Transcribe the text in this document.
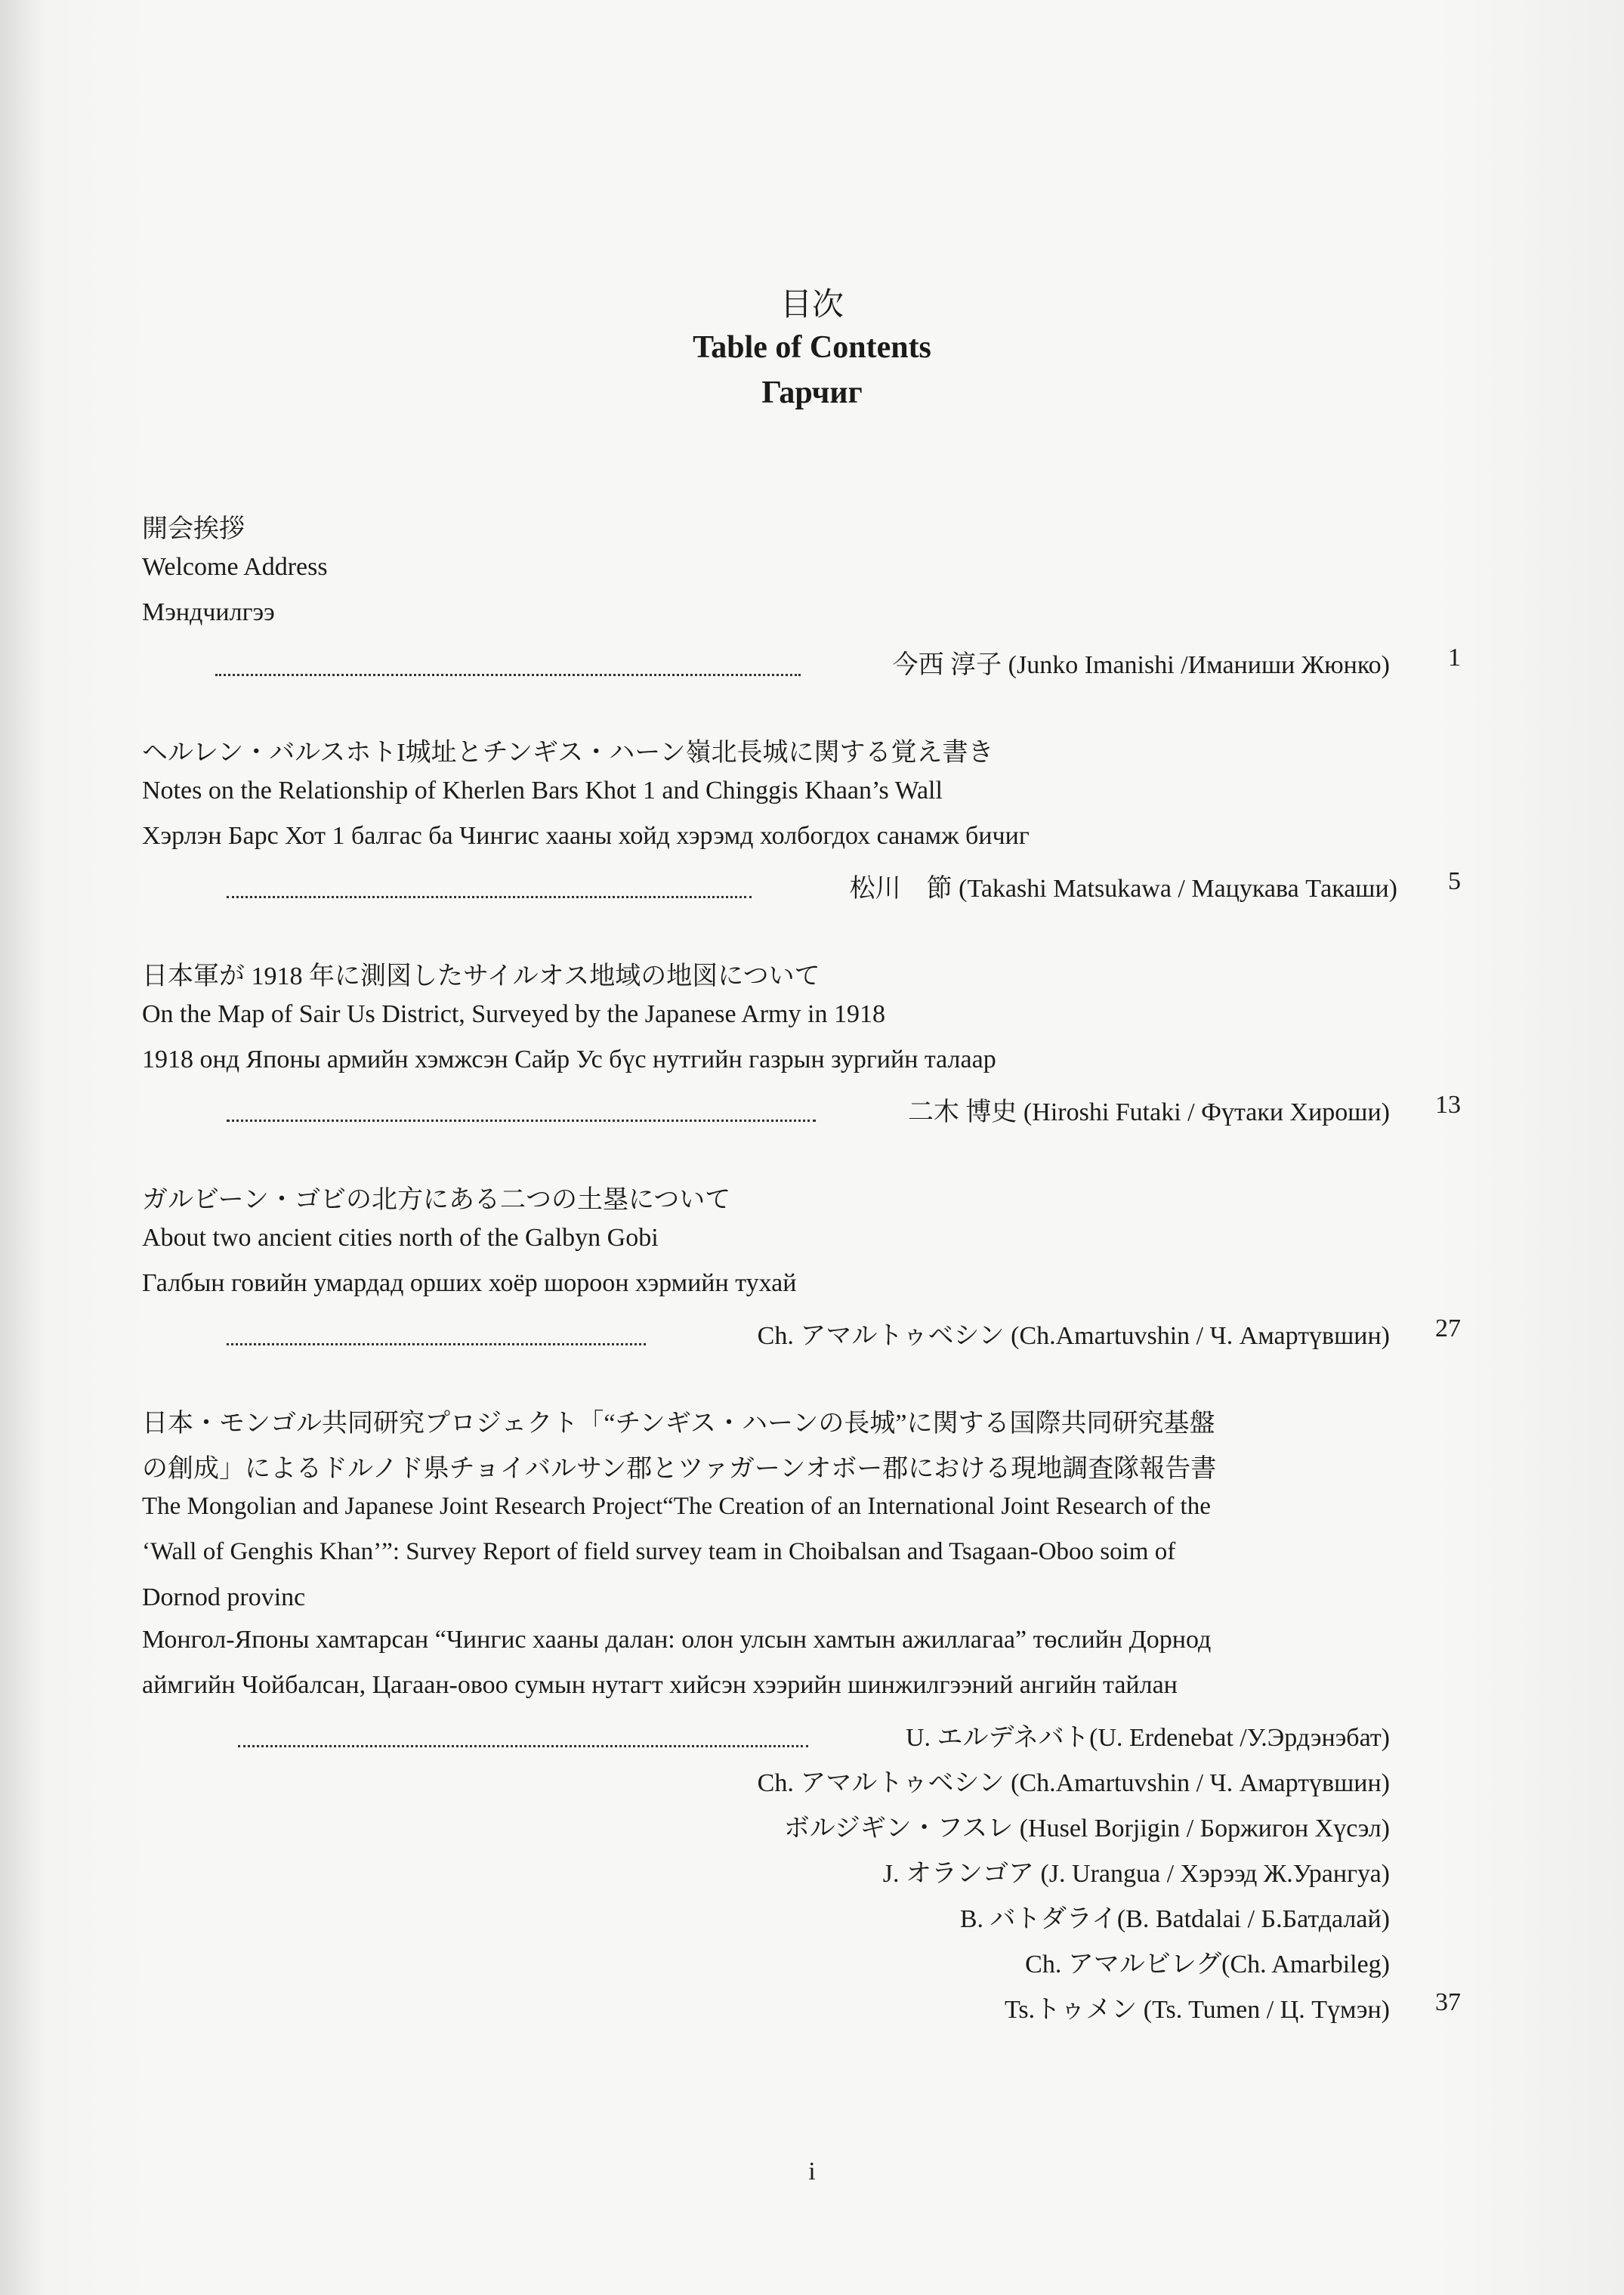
目次
Table of Contents
Гарчиг
開会挨拶
Welcome Address
Мэндчилгээ
今西 淳子 (Junko Imanishi /Иманиши Жюнко)	1
ヘルレン・バルスホトI城址とチンギス・ハーン嶺北長城に関する覚え書き
Notes on the Relationship of Kherlen Bars Khot 1 and Chinggis Khaan’s Wall
Хэрлэн Барс Хот 1 балгас ба Чингис хааны хойд хэрэмд холбогдох санамж бичиг
松川　節 (Takashi Matsukawa / Мацукава Такаши)	5
日本軍が 1918 年に測図したサイルオス地域の地図について
On the Map of Sair Us District, Surveyed by the Japanese Army in 1918
1918 онд Японы армийн хэмжсэн Сайр Ус бүс нутгийн газрын зургийн талаар
二木 博史 (Hiroshi Futaki / Фүтаки Хироши)	13
ガルビーン・ゴビの北方にある二つの土塁について
About two ancient cities north of the Galbyn Gobi
Галбын говийн умардад орших хоёр шороон хэрмийн тухай
Ch. アマルトゥベシン (Ch.Amartuvshin / Ч. Амартүвшин)	27
日本・モンゴル共同研究プロジェクト「“チンギス・ハーンの長城”に関する国際共同研究基盤
の創成」によるドルノド県チョイバルサン郡とツァガーンオボー郡における現地調査隊報告書
The Mongolian and Japanese Joint Research Project“The Creation of an International Joint Research of the
‘Wall of Genghis Khan’”: Survey Report of field survey team in Choibalsan and Tsagaan-Oboo soim of
Dornod provinc
Монгол-Японы хамтарсан “Чингис хааны далан: олон улсын хамтын ажиллагаа” төслийн Дорнод
аймгийн Чойбалсан, Цагаан-овоо сумын нутагт хийсэн хээрийн шинжилгээний ангийн тайлан
U. エルデネバト(U. Erdenebat /У.Эрдэнэбат)
Ch. アマルトゥベシン (Ch.Amartuvshin / Ч. Амартүвшин)
ボルジギン・フスレ (Husel Borjigin / Боржигон Хүсэл)
J. オランゴア (J. Urangua / Хэрээд Ж.Урангуа)
B. バトダライ(B. Batdalai / Б.Батдалай)
Ch. アマルビレグ(Ch. Amarbileg)
Ts.トゥメン (Ts. Tumen / Ц. Түмэн)	37
i
